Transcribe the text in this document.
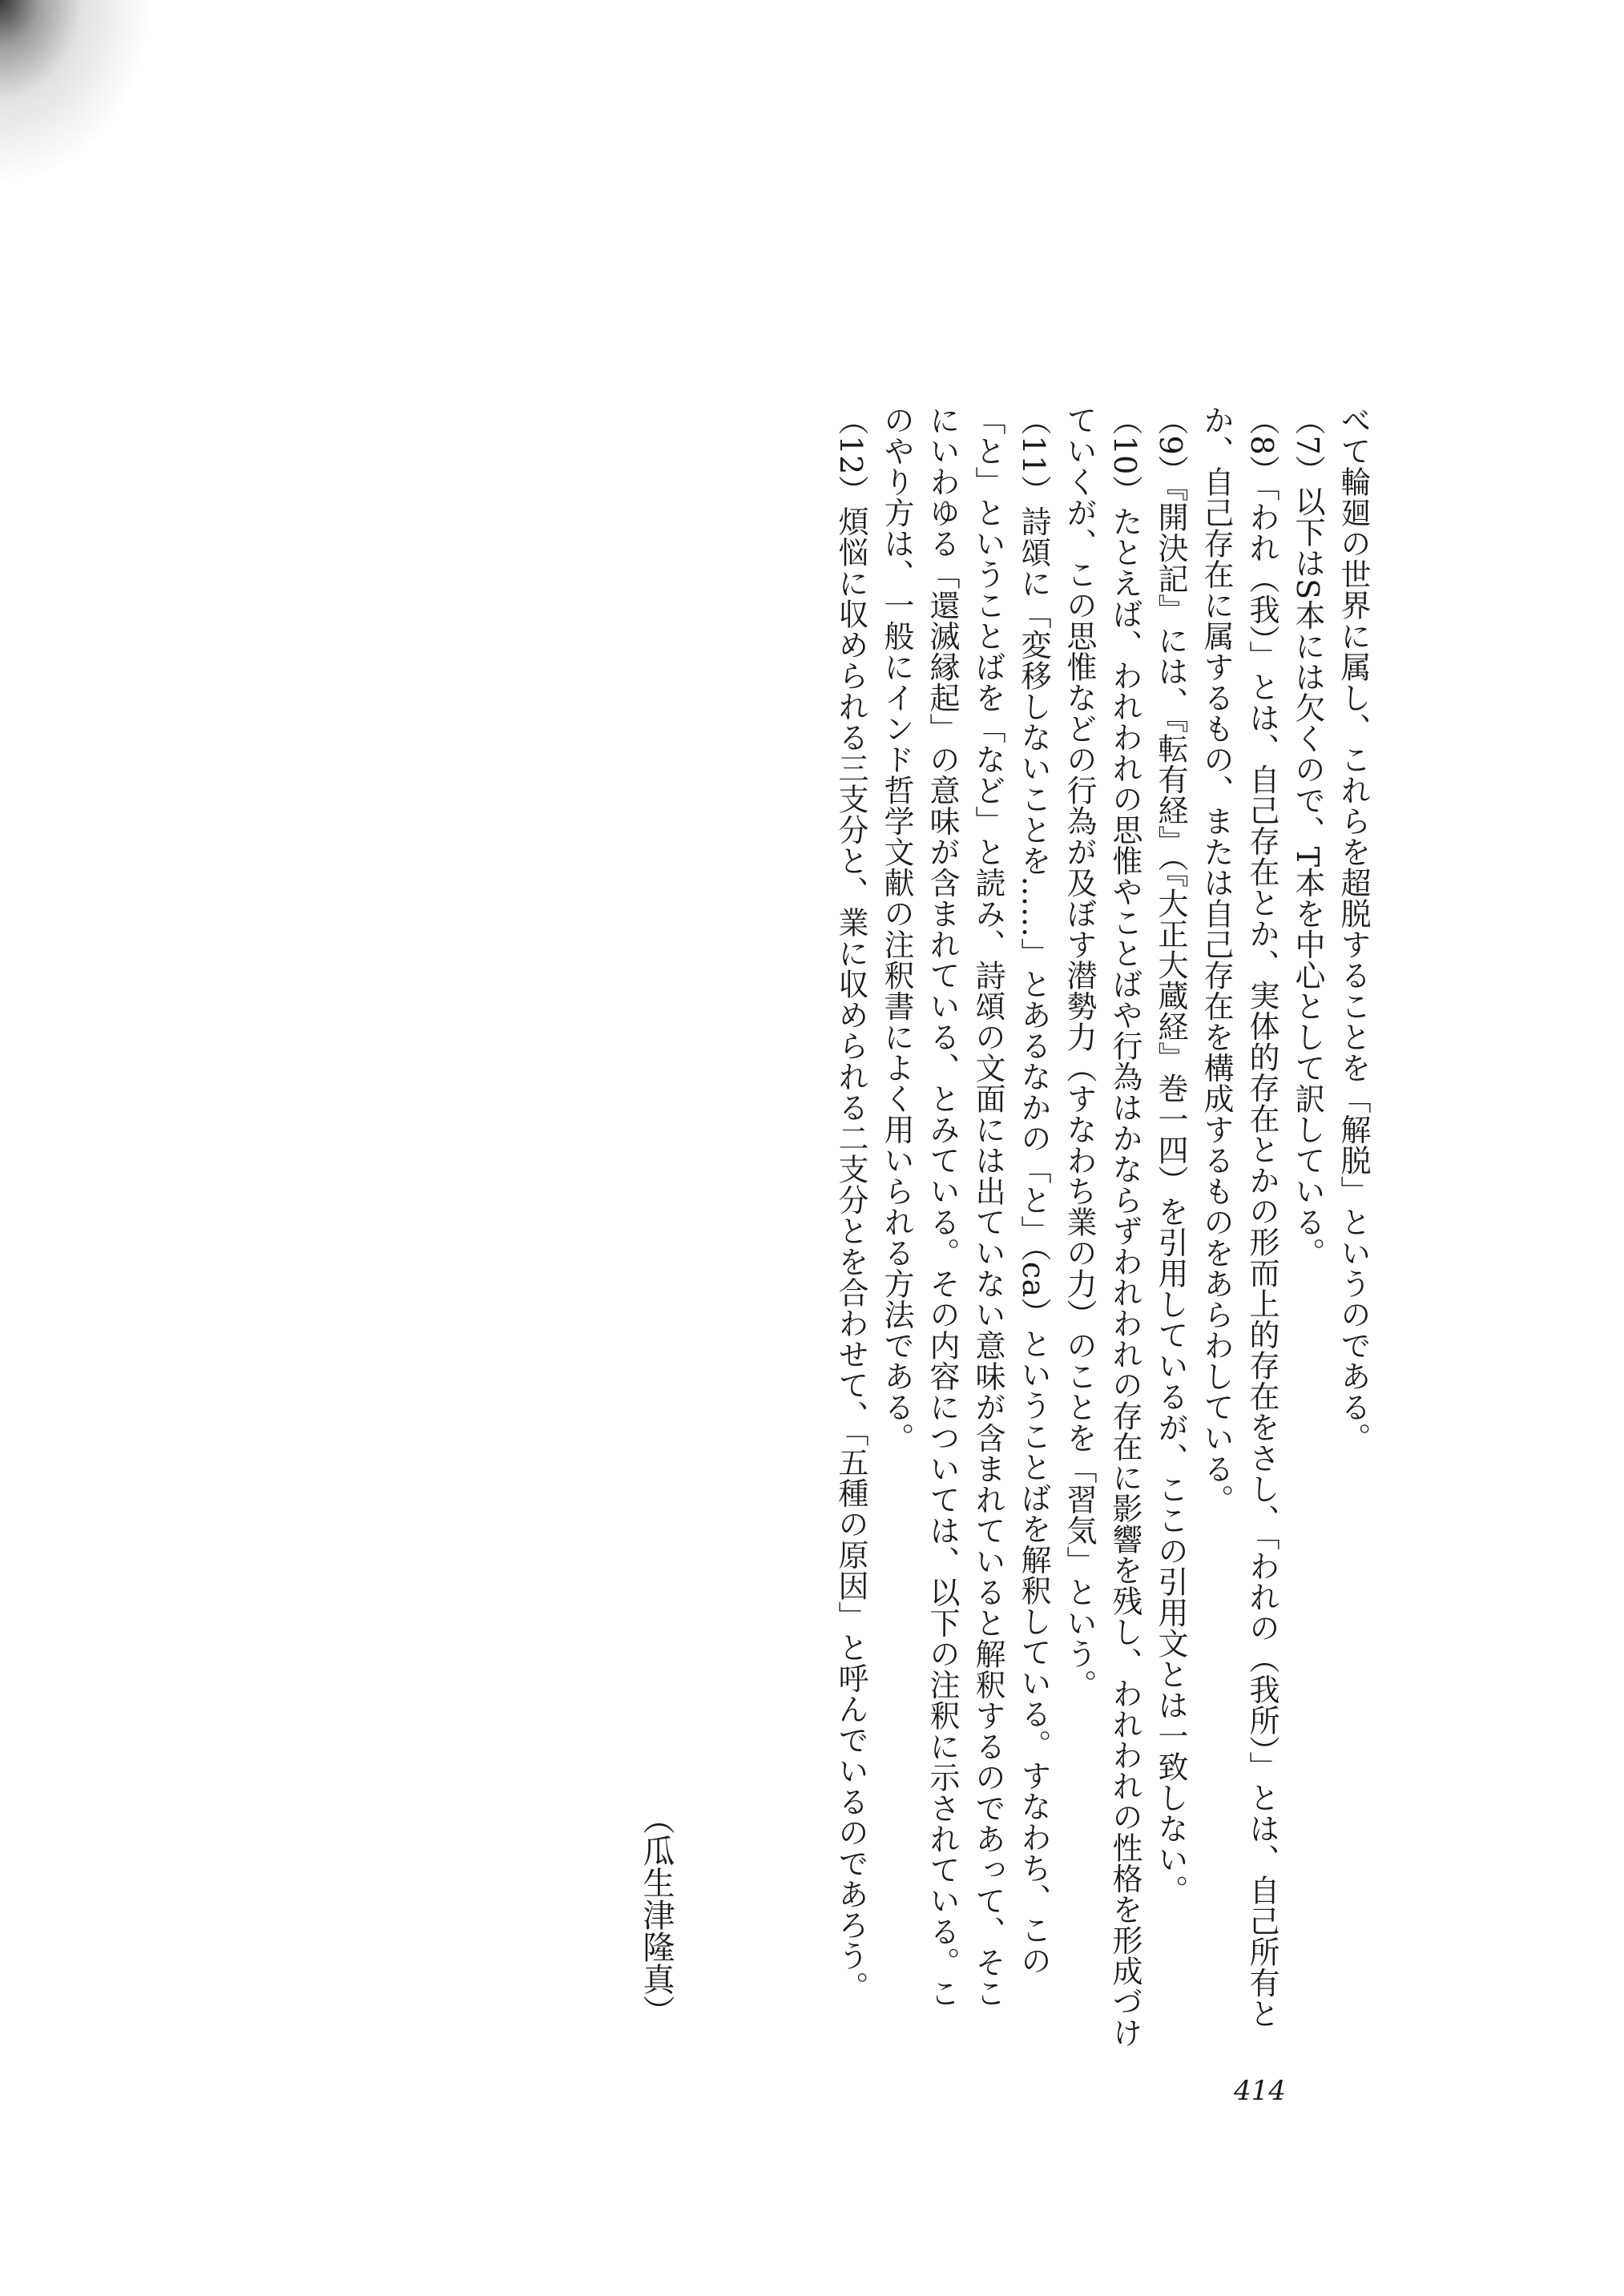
べて輪廻の世界に属し、これらを超脱することを「解脱」というのである。

（7）以下はS本には欠くので、T本を中心として訳している。

（8）「われ（我）」とは、自己存在とか、実体的存在とかの形而上的存在をさし、「われの（我所）」とは、自己所有と

か、自己存在に属するもの、または自己存在を構成するものをあらわしている。

（9）『開決記』には、『転有経』（『大正大蔵経』巻一四）を引用しているが、ここの引用文とは一致しない。

（10）たとえば、われわれの思惟やことばや行為はかならずわれわれの存在に影響を残し、われわれの性格を形成づけ

ていくが、この思惟などの行為が及ぼす潜勢力（すなわち業の力）のことを「習気」という。

（11）詩頌に「変移しないことを……」とあるなかの「と」（ca）ということばを解釈している。すなわち、この

「と」ということばを「など」と読み、詩頌の文面には出ていない意味が含まれていると解釈するのであって、そこ

にいわゆる「還滅縁起」の意味が含まれている、とみている。その内容については、以下の注釈に示されている。こ

のやり方は、一般にインド哲学文献の注釈書によく用いられる方法である。

（12）煩悩に収められる三支分と、業に収められる二支分とを合わせて、「五種の原因」と呼んでいるのであろう。

（瓜生津隆真）
414
